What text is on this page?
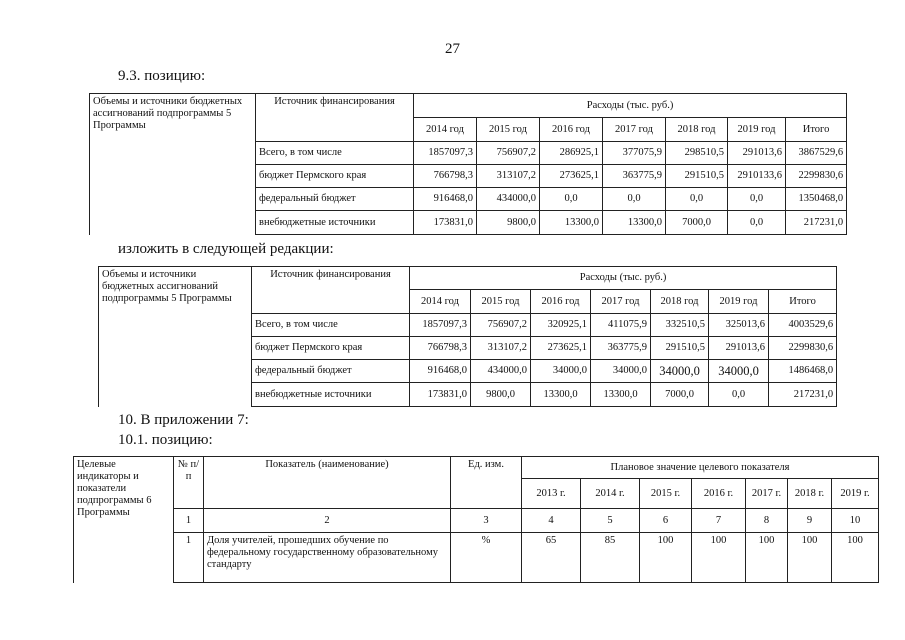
27
9.3. позицию:
Объемы и источники бюджетных ассигнований подпрограммы 5 Программы	Источник финансирования	Расходы (тыс. руб.)						
		2014 год	2015 год	2016 год	2017 год	2018 год	2019 год	Итого
	Всего, в том числе	1857097,3	756907,2	286925,1	377075,9	298510,5	291013,6	3867529,6
	бюджет Пермского края	766798,3	313107,2	273625,1	363775,9	291510,5	2910133,6	2299830,6
	федеральный бюджет	916468,0	434000,0	0,0	0,0	0,0	0,0	1350468,0
	внебюджетные источники	173831,0	9800,0	13300,0	13300,0	7000,0	0,0	217231,0
изложить в следующей редакции:
Объемы и источники бюджетных ассигнований подпрограммы 5 Программы	Источник финансирования	Расходы (тыс. руб.)						
		2014 год	2015 год	2016 год	2017 год	2018 год	2019 год	Итого
	Всего, в том числе	1857097,3	756907,2	320925,1	411075,9	332510,5	325013,6	4003529,6
	бюджет Пермского края	766798,3	313107,2	273625,1	363775,9	291510,5	291013,6	2299830,6
	федеральный бюджет	916468,0	434000,0	34000,0	34000,0	34000,0	34000,0	1486468,0
	внебюджетные источники	173831,0	9800,0	13300,0	13300,0	7000,0	0,0	217231,0
10. В приложении 7:
10.1. позицию:
Целевые индикаторы и показатели подпрограммы 6 Программы	№ п/п	Показатель (наименование)	Ед. изм.	Плановое значение целевого показателя						
				2013 г.	2014 г.	2015 г.	2016 г.	2017 г.	2018 г.	2019 г.
	1	2	3	4	5	6	7	8	9	10
	1	Доля учителей, прошедших обучение по федеральному государственному образовательному стандарту	%	65	85	100	100	100	100	100
